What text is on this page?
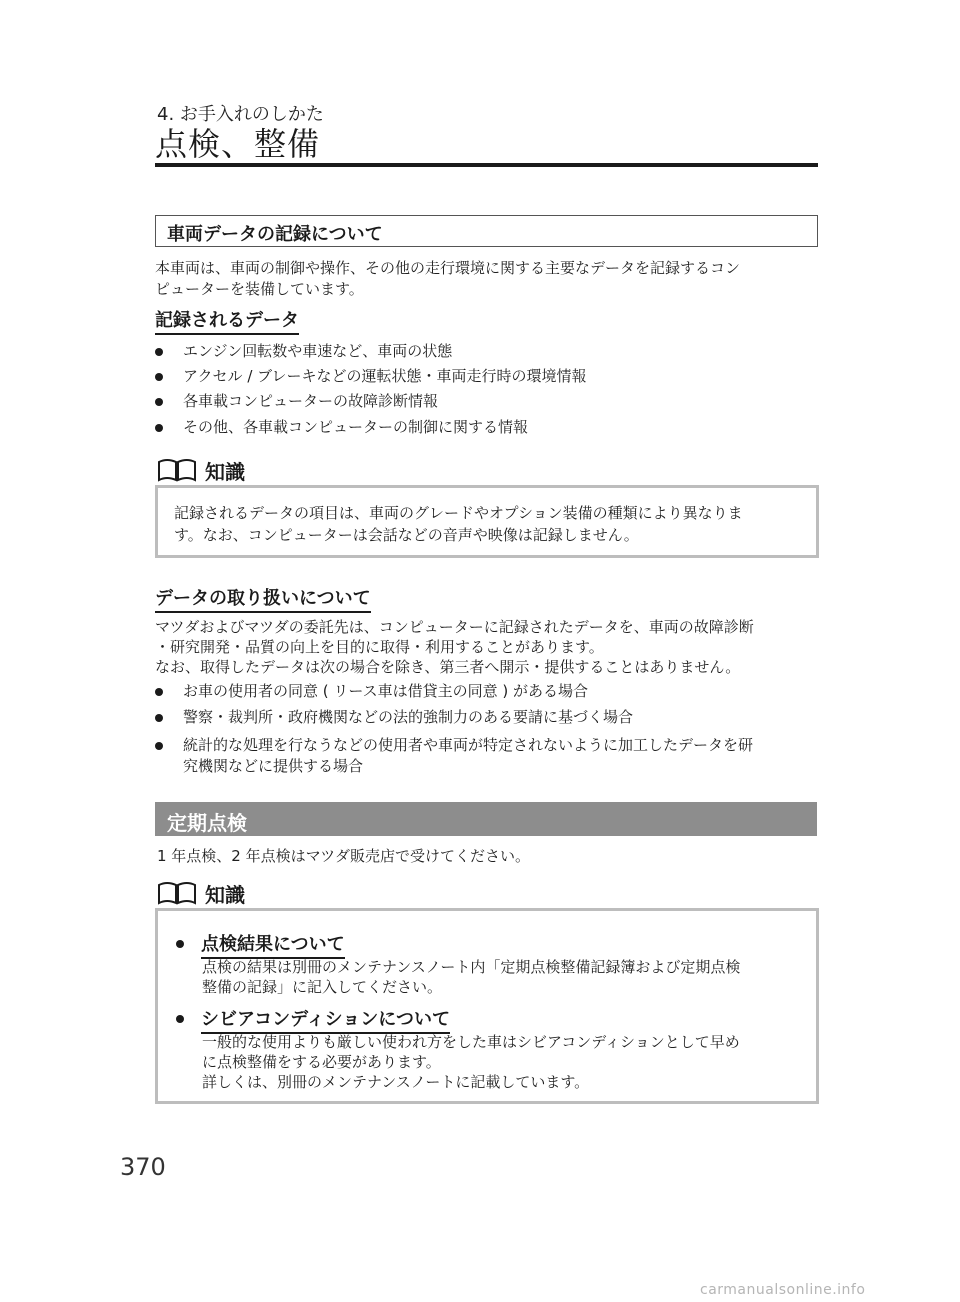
4. お手入れのしかた
点検、整備
車両データの記録について
本車両は、車両の制御や操作、その他の走行環境に関する主要なデータを記録するコン
ピューターを装備しています。
記録されるデータ
エンジン回転数や車速など、車両の状態
アクセル / ブレーキなどの運転状態・車両走行時の環境情報
各車載コンピューターの故障診断情報
その他、各車載コンピューターの制御に関する情報
知識
記録されるデータの項目は、車両のグレードやオプション装備の種類により異なりま
す。なお、コンピューターは会話などの音声や映像は記録しません。
データの取り扱いについて
マツダおよびマツダの委託先は、コンピューターに記録されたデータを、車両の故障診断
・研究開発・品質の向上を目的に取得・利用することがあります。
なお、取得したデータは次の場合を除き、第三者へ開示・提供することはありません。
お車の使用者の同意 ( リース車は借貸主の同意 ) がある場合
警察・裁判所・政府機関などの法的強制力のある要請に基づく場合
統計的な処理を行なうなどの使用者や車両が特定されないように加工したデータを研
究機関などに提供する場合
定期点検
1 年点検、2 年点検はマツダ販売店で受けてください。
知識
点検結果について
点検の結果は別冊のメンテナンスノート内「定期点検整備記録簿および定期点検
整備の記録」に記入してください。
シビアコンディションについて
一般的な使用よりも厳しい使われ方をした車はシビアコンディションとして早め
に点検整備をする必要があります。
詳しくは、別冊のメンテナンスノートに記載しています。
370
carmanualsonline.info
